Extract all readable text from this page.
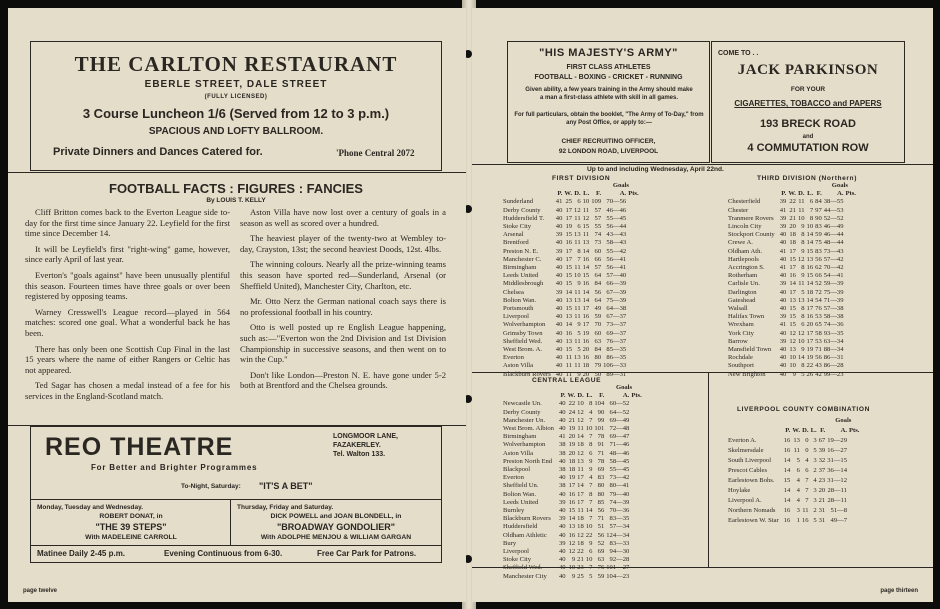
THE CARLTON RESTAURANT
EBERLE STREET, DALE STREET
(FULLY LICENSED)
3 Course Luncheon 1/6 (Served from 12 to 3 p.m.)
SPACIOUS AND LOFTY BALLROOM.
Private Dinners and Dances Catered for.	'Phone Central 2072
FOOTBALL FACTS : FIGURES : FANCIES
By LOUIS T. KELLY

Cliff Britton comes back to the Everton League side to-day for the first time since January 22. Leyfield for the first time since December 14.

It will be Leyfield's first "right-wing" game, however, since early April of last year.

Everton's "goals against" have been unusually plentiful this season. Fourteen times have three goals or over been registered by opposing teams.

Warney Cresswell's League record—played in 564 matches: scored one goal. What a wonderful back he has been.

There has only been one Scottish Cup Final in the last 15 years where the name of either Rangers or Celtic has not appeared.

Ted Sagar has chosen a medal instead of a fee for his services in the England-Scotland match.

Aston Villa have now lost over a century of goals in a season as well as scored over a hundred.

The heaviest player of the twenty-two at Wembley to-day, Crayston, 13st; the second heaviest Doods, 12st. 4lbs.

The winning colours. Nearly all the prize-winning teams this season have sported red—Sunderland, Arsenal (or Sheffield United), Manchester City, Charlton, etc.

Mr. Otto Nerz the German national coach says there is no professional football in his country.

Otto is well posted up re English League happening, such as:—"Everton won the 2nd Division and 1st Division Championship in successive seasons, and then went on to win the Cup."

Don't like London—Preston N. E. have gone under 5-2 both at Brentford and the Chelsea grounds.

REO THEATRE	LONGMOOR LANE,
FAZAKERLEY.
Tel. Walton 133.
For Better and Brighter Programmes
To-Night, Saturday: "IT'S A BET"
Monday, Tuesday and Wednesday.
ROBERT DONAT, in
"THE 39 STEPS"
With MADELEINE CARROLL
Thursday, Friday and Saturday.
DICK POWELL and JOAN BLONDELL, in
"BROADWAY GONDOLIER"
With ADOLPHE MENJOU & WILLIAM GARGAN
Matinee Daily 2-45 p.m.	Evening Continuous from 6-30.	Free Car Park for Patrons.
page twelve
"HIS MAJESTY'S ARMY"
FIRST CLASS ATHLETES
FOOTBALL - BOXING - CRICKET - RUNNING
Given ability, a few years training in the Army should make a man a first-class athlete with skill in all games.
For full particulars, obtain the booklet, "The Army of To-Day," from any Post Office, or apply to:—
CHIEF RECRUITING OFFICER,
92 LONDON ROAD, LIVERPOOL
COME TO . .
JACK PARKINSON
FOR YOUR
CIGARETTES, TOBACCO and PAPERS
193 BRECK ROAD
and
4 COMMUTATION ROW
Up to and including Wednesday, April 22nd.
FIRST DIVISION
						Goals	
	P.	W.	D.	L.	F.	A.	Pts.
Sunderland	41	25	6	10	109	70—56	
Derby County	40	17	12	11	57	46—46	
Huddersfield T.	40	17	11	12	57	55—45	
Stoke City	40	19	6	15	55	56—44	
Arsenal	39	15	13	11	74	43—43	
Brentford	40	16	11	13	73	58—43	
Preston N. E.	39	17	8	14	60	55—42	
Manchester C.	40	17	7	16	66	56—41	
Birmingham	40	15	11	14	57	56—41	
Leeds United	40	15	10	15	64	57—40	
Middlesbrough	40	15	9	16	84	66—39	
Chelsea	39	14	11	14	56	67—39	
Bolton Wan.	40	13	13	14	64	75—39	
Portsmouth	40	15	11	17	49	64—38	
Liverpool	40	13	11	16	59	67—37	
Wolverhampton	40	14	9	17	70	73—37	
Grimsby Town	40	16	5	19	60	69—37	
Sheffield Wed.	40	13	11	16	63	76—37	
West Brom. A.	40	15	5	20	84	85—35	
Everton	40	11	13	16	80	86—35	
Aston Villa	40	11	11	18	79	106—33	
Blackburn Rovers	40	11	9	20	50	89—31	
THIRD DIVISION (Northern)
						Goals	
	P.	W.	D.	L.	F.	A.	Pts.
Chesterfield	39	22	11	6	84	38—55	
Chester	41	21	11	7	97	44—53	
Tranmere Rovers	39	21	10	8	90	52—52	
Lincoln City	39	20	9	10	83	46—49	
Stockport County	40	18	8	14	59	46—44	
Crewe A.	40	18	8	14	75	48—44	
Oldham Ath.	41	17	9	15	83	73—43	
Hartlepools	40	15	12	13	56	57—42	
Accrington S.	41	17	8	16	62	70—42	
Rotherham	40	16	9	15	66	54—41	
Carlisle Un.	39	14	11	14	52	59—39	
Darlington	40	17	5	18	72	75—39	
Gateshead	40	13	13	14	54	71—39	
Walsall	40	15	8	17	76	57—38	
Halifax Town	39	15	8	16	53	58—38	
Wrexham	41	15	6	20	65	74—36	
York City	40	12	12	17	58	93—35	
Barrow	39	12	10	17	53	63—34	
Mansfield Town	40	13	9	19	71	88—34	
Rochdale	40	10	14	19	56	86—31	
Southport	40	10	8	22	43	86—28	
New Brighton	40	9	5	26	42	99—23	
CENTRAL LEAGUE
						Goals	
	P.	W.	D.	L.	F.	A.	Pts.
Newcastle Un.	40	22	10	8	104	60—52	
Derby County	40	24	12	4	90	64—52	
Manchester Un.	40	21	12	7	99	69—49	
West Brom. Albion	40	19	11	10	101	72—48	
Birmingham	41	20	14	7	78	69—47	
Wolverhampton	38	19	18	8	91	71—46	
Aston Villa	38	20	12	6	71	48—46	
Preston North End	40	18	13	9	78	58—45	
Blackpool	38	18	11	9	69	55—45	
Everton	40	19	17	4	83	73—42	
Sheffield Un.	38	17	14	7	80	80—41	
Bolton Wan.	40	16	17	8	80	79—40	
Leeds United	39	16	17	7	85	74—39	
Burnley	40	15	11	14	56	70—36	
Blackburn Rovers	39	14	18	7	71	83—35	
Huddersfield	40	13	18	10	51	57—34	
Oldham Athletic	40	16	12	22	56	124—34	
Bury	39	12	18	9	52	83—33	
Liverpool	40	12	22	6	69	94—30	
Stoke City	40	9	21	10	63	92—28	
Sheffield Wed.	40	10	23	7	76	101—27	
Manchester City	40	9	25	5	59	104—23	
LIVERPOOL COUNTY COMBINATION
						Goals	
	P.	W.	D.	L.	F.	A.	Pts.
Everton A.	16	13	0	3	67	19—29	
Skelmersdale	16	11	0	5	39	16—27	
South Liverpool	14	5	4	3	32	31—15	
Prescot Cables	14	6	6	2	37	36—14	
Earlestown Bohs.	15	4	7	4	23	31—12	
Hoylake	14	4	7	3	20	28—11	
Liverpool A.	14	4	7	3	21	28—11	
Northern Nomads	16	3	11	2	31	51—8	
Earlestown W. Star	16	1	16	5	31	49—7	
page thirteen
